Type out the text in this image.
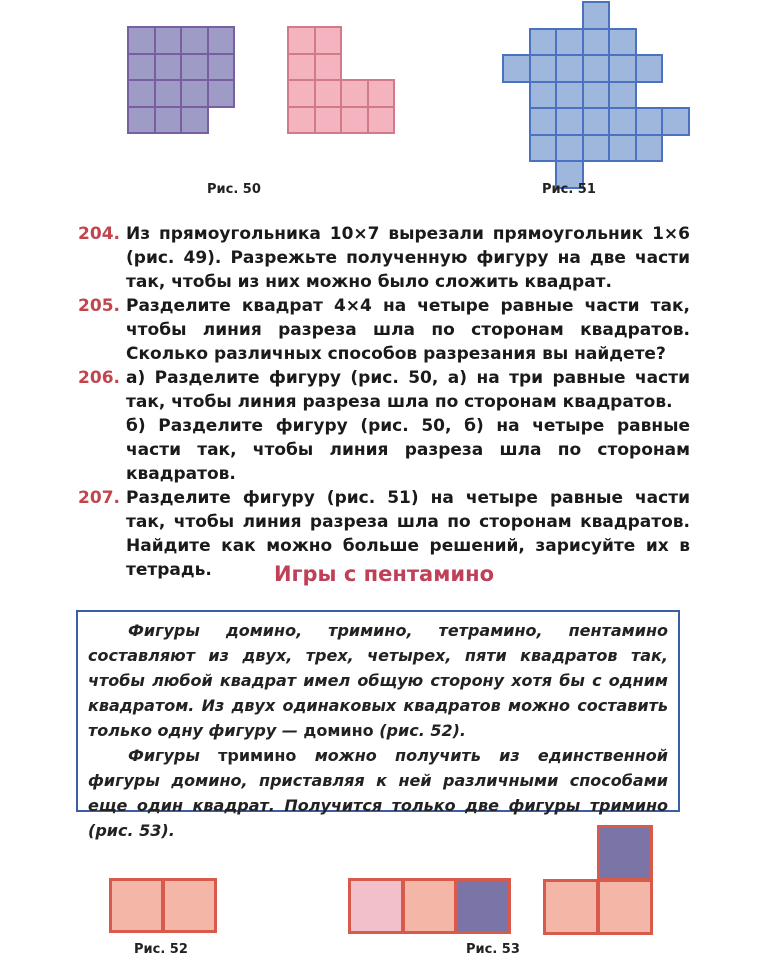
Рис. 50	Рис. 51
204. Из прямоугольника 10×7 вырезали прямоугольник 1×6 (рис. 49). Разрежьте полученную фигуру на две части так, чтобы из них можно было сложить квадрат.

205. Разделите квадрат 4×4 на четыре равные части так, чтобы линия разреза шла по сторонам квадратов. Сколько различных способов разрезания вы найдете?

206. а) Разделите фигуру (рис. 50, а) на три равные части так, чтобы линия разреза шла по сторонам квадратов.

б) Разделите фигуру (рис. 50, б) на четыре равные части так, чтобы линия разреза шла по сторонам квадратов.

207. Разделите фигуру (рис. 51) на четыре равные части так, чтобы линия разреза шла по сторонам квадратов. Найдите как можно больше решений, зарисуйте их в тетрадь.	Игры с пентамино

Фигуры домино, тримино, тетрамино, пентамино составляют из двух, трех, четырех, пяти квадратов так, чтобы любой квадрат имел общую сторону хотя бы с одним квадратом. Из двух одинаковых квадратов можно составить только одну фигуру — домино (рис. 52).

Фигуры тримино можно получить из единственной фигуры домино, приставляя к ней различными способами еще один квадрат. Получится только две фигуры тримино (рис. 53).

Рис. 52	Рис. 53
